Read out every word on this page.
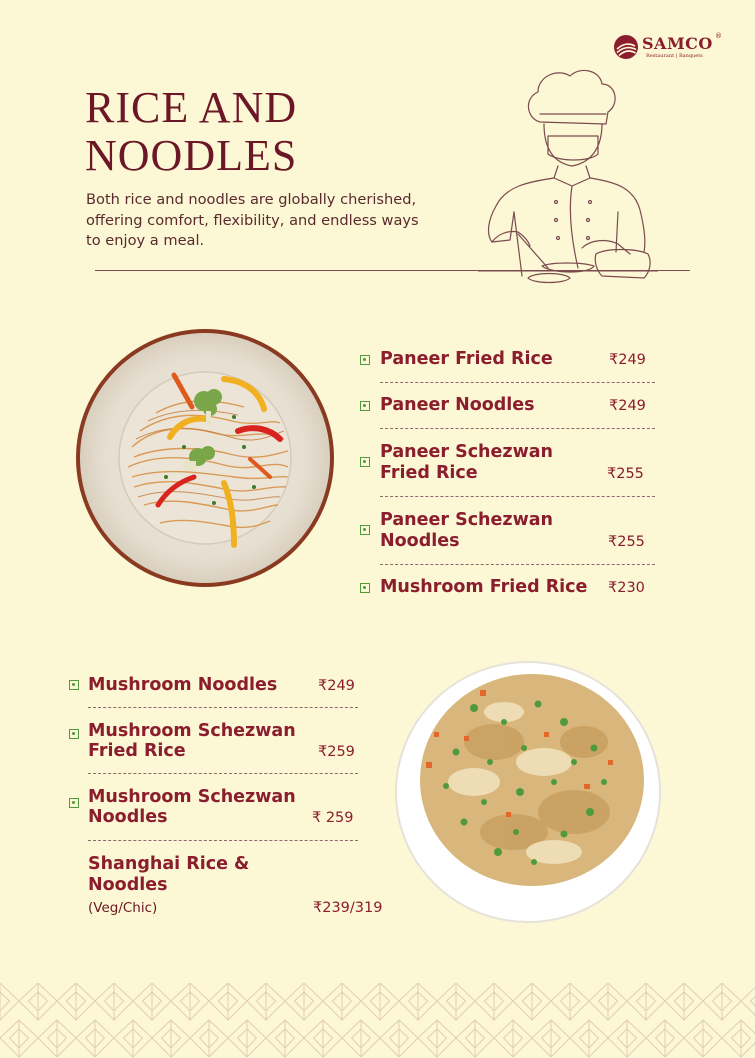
SAMCO ®
Restaurant | Banquets
RICE AND
NOODLES
Both rice and noodles are globally cherished,
offering comfort, flexibility, and endless ways
to enjoy a meal.
Paneer Fried Rice	₹249
Paneer Noodles	₹249
Paneer Schezwan
Fried Rice	₹255
Paneer Schezwan
Noodles	₹255
Mushroom Fried Rice ₹230
Mushroom Noodles	₹249
Mushroom Schezwan
Fried Rice	₹259
Mushroom Schezwan
Noodles	₹ 259
Shanghai Rice &
Noodles
(Veg/Chic)	₹239/319
